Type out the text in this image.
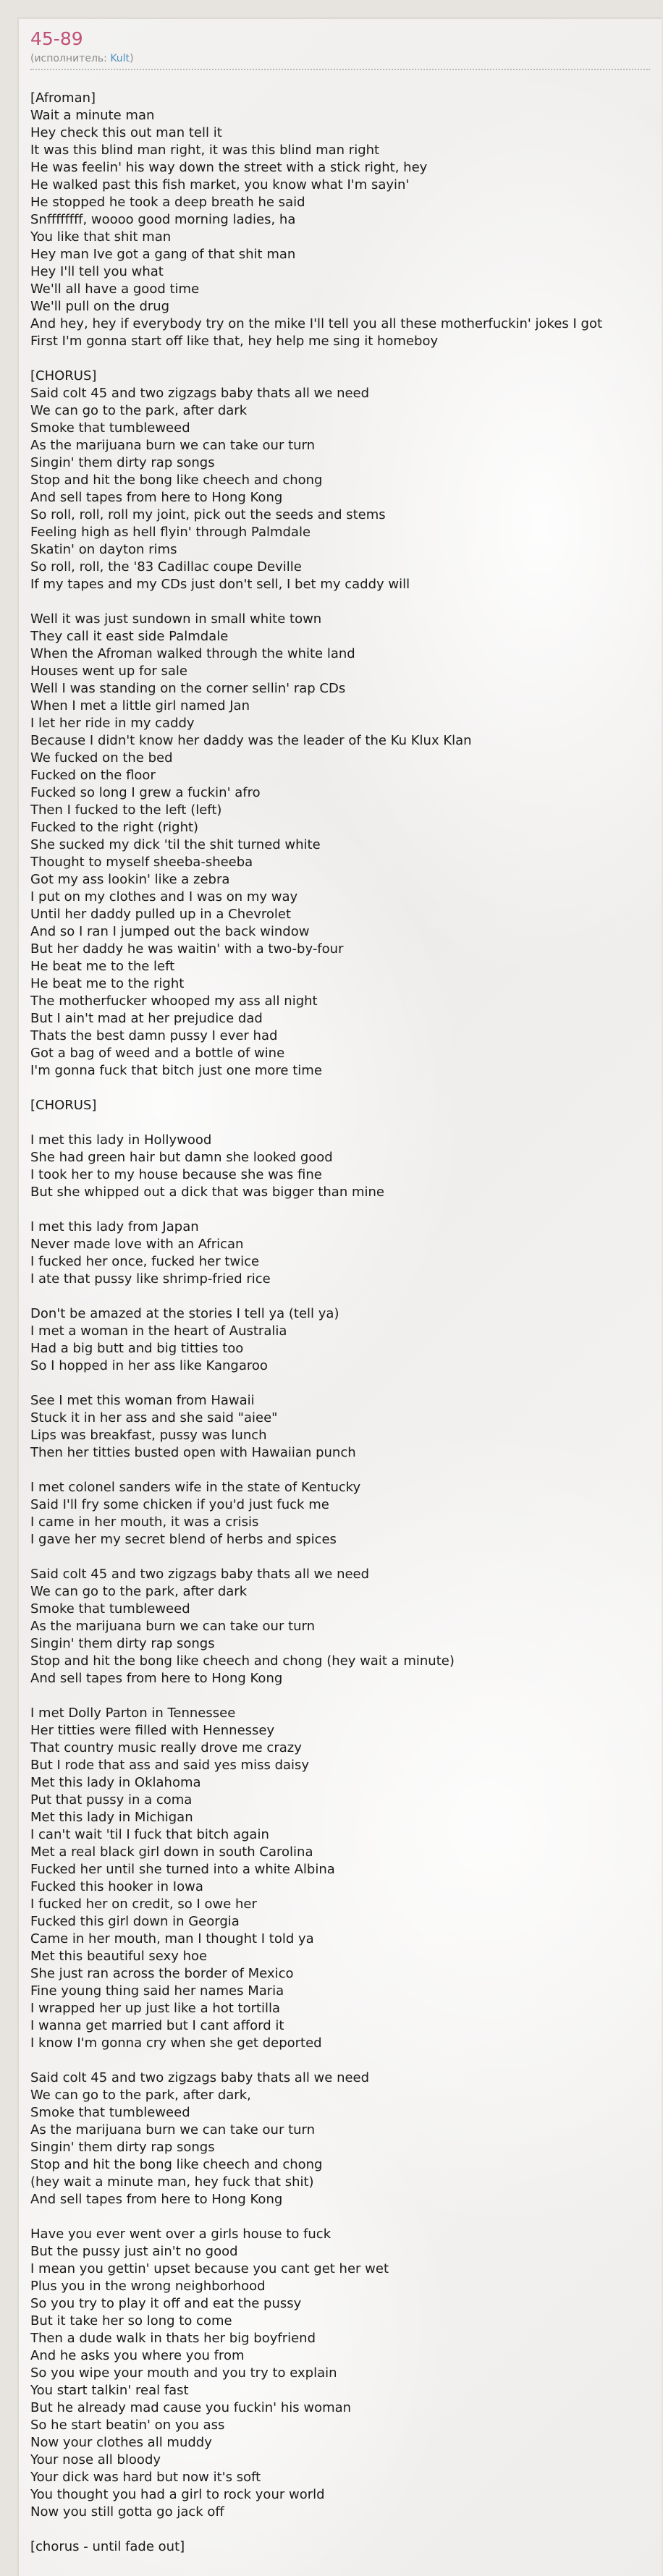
45-89
(исполнитель: Kult)
[Afroman]
Wait a minute man
Hey check this out man tell it
It was this blind man right, it was this blind man right
He was feelin' his way down the street with a stick right, hey
He walked past this fish market, you know what I'm sayin'
He stopped he took a deep breath he said
Snffffffff, woooo good morning ladies, ha
You like that shit man
Hey man Ive got a gang of that shit man
Hey I'll tell you what
We'll all have a good time
We'll pull on the drug
And hey, hey if everybody try on the mike I'll tell you all these motherfuckin' jokes I got
First I'm gonna start off like that, hey help me sing it homeboy

[CHORUS]
Said colt 45 and two zigzags baby thats all we need
We can go to the park, after dark
Smoke that tumbleweed
As the marijuana burn we can take our turn
Singin' them dirty rap songs
Stop and hit the bong like cheech and chong
And sell tapes from here to Hong Kong
So roll, roll, roll my joint, pick out the seeds and stems
Feeling high as hell flyin' through Palmdale
Skatin' on dayton rims
So roll, roll, the '83 Cadillac coupe Deville
If my tapes and my CDs just don't sell, I bet my caddy will

Well it was just sundown in small white town
They call it east side Palmdale
When the Afroman walked through the white land
Houses went up for sale
Well I was standing on the corner sellin' rap CDs
When I met a little girl named Jan
I let her ride in my caddy
Because I didn't know her daddy was the leader of the Ku Klux Klan
We fucked on the bed
Fucked on the floor
Fucked so long I grew a fuckin' afro
Then I fucked to the left (left)
Fucked to the right (right)
She sucked my dick 'til the shit turned white
Thought to myself sheeba-sheeba
Got my ass lookin' like a zebra
I put on my clothes and I was on my way
Until her daddy pulled up in a Chevrolet
And so I ran I jumped out the back window
But her daddy he was waitin' with a two-by-four
He beat me to the left
He beat me to the right
The motherfucker whooped my ass all night
But I ain't mad at her prejudice dad
Thats the best damn pussy I ever had
Got a bag of weed and a bottle of wine
I'm gonna fuck that bitch just one more time

[CHORUS]

I met this lady in Hollywood
She had green hair but damn she looked good
I took her to my house because she was fine
But she whipped out a dick that was bigger than mine

I met this lady from Japan
Never made love with an African
I fucked her once, fucked her twice
I ate that pussy like shrimp-fried rice

Don't be amazed at the stories I tell ya (tell ya)
I met a woman in the heart of Australia
Had a big butt and big titties too
So I hopped in her ass like Kangaroo

See I met this woman from Hawaii
Stuck it in her ass and she said "aiee"
Lips was breakfast, pussy was lunch
Then her titties busted open with Hawaiian punch

I met colonel sanders wife in the state of Kentucky
Said I'll fry some chicken if you'd just fuck me
I came in her mouth, it was a crisis
I gave her my secret blend of herbs and spices

Said colt 45 and two zigzags baby thats all we need
We can go to the park, after dark
Smoke that tumbleweed
As the marijuana burn we can take our turn
Singin' them dirty rap songs
Stop and hit the bong like cheech and chong (hey wait a minute)
And sell tapes from here to Hong Kong

I met Dolly Parton in Tennessee
Her titties were filled with Hennessey
That country music really drove me crazy
But I rode that ass and said yes miss daisy
Met this lady in Oklahoma
Put that pussy in a coma
Met this lady in Michigan
I can't wait 'til I fuck that bitch again
Met a real black girl down in south Carolina
Fucked her until she turned into a white Albina
Fucked this hooker in Iowa
I fucked her on credit, so I owe her
Fucked this girl down in Georgia
Came in her mouth, man I thought I told ya
Met this beautiful sexy hoe
She just ran across the border of Mexico
Fine young thing said her names Maria
I wrapped her up just like a hot tortilla
I wanna get married but I cant afford it
I know I'm gonna cry when she get deported

Said colt 45 and two zigzags baby thats all we need
We can go to the park, after dark,
Smoke that tumbleweed
As the marijuana burn we can take our turn
Singin' them dirty rap songs
Stop and hit the bong like cheech and chong
(hey wait a minute man, hey fuck that shit)
And sell tapes from here to Hong Kong

Have you ever went over a girls house to fuck
But the pussy just ain't no good
I mean you gettin' upset because you cant get her wet
Plus you in the wrong neighborhood
So you try to play it off and eat the pussy
But it take her so long to come
Then a dude walk in thats her big boyfriend
And he asks you where you from
So you wipe your mouth and you try to explain
You start talkin' real fast
But he already mad cause you fuckin' his woman
So he start beatin' on you ass
Now your clothes all muddy
Your nose all bloody
Your dick was hard but now it's soft
You thought you had a girl to rock your world
Now you still gotta go jack off

[chorus - until fade out]
